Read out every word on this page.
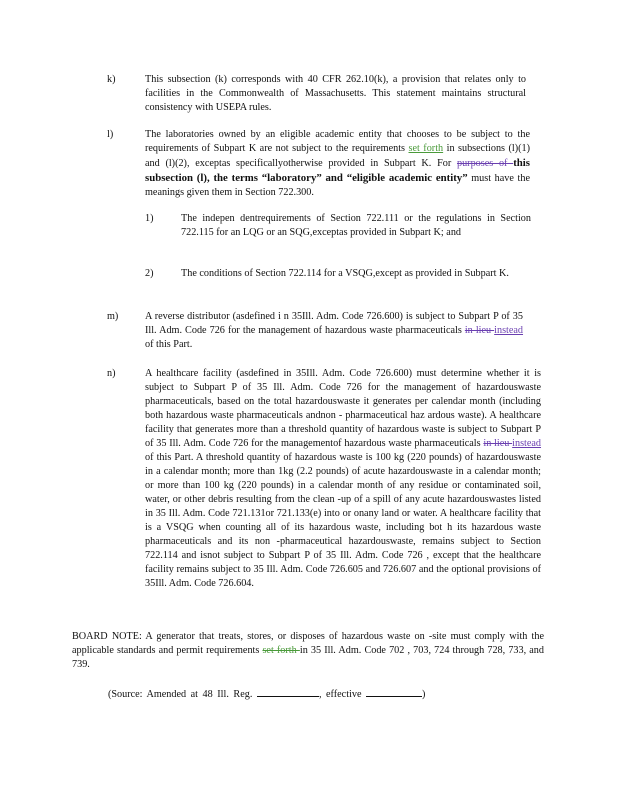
k)	This subsection (k) corresponds with 40 CFR 262.10(k), a provision that relates only to facilities in the Commonwealth of Massachusetts. This statement maintains structural consistency with USEPA rules.
l)	The laboratories owned by an eligible academic entity that chooses to be subject to the requirements of Subpart K are not subject to the requirements set forth in subsections (l)(1) and (l)(2), exceptas specificallyotherwise provided in Subpart K. For purposes of this subsection (l), the terms “laboratory” and “eligible academic entity” must have the meanings given them in Section 722.300.
1)	The indepen dentrequirements of Section 722.111 or the regulations in Section 722.115 for an LQG or an SQG,exceptas provided in Subpart K; and
2)	The conditions of Section 722.114 for a VSQG,except as provided in Subpart K.
m)	A reverse distributor (asdefined i n 35Ill. Adm. Code 726.600) is subject to Subpart P of 35 Ill. Adm. Code 726 for the management of hazardous waste pharmaceuticals in lieu instead of this Part.
n)	A healthcare facility (asdefined in 35Ill. Adm. Code 726.600) must determine whether it is subject to Subpart P of 35 Ill. Adm. Code 726 for the management of hazardouswaste pharmaceuticals, based on the total hazardouswaste it generates per calendar month (including both hazardous waste pharmaceuticals andnon - pharmaceutical haz ardous waste). A healthcare facility that generates more than a threshold quantity of hazardous waste is subject to Subpart P of 35 Ill. Adm. Code 726 for the managementof hazardous waste pharmaceuticals in lieu instead of this Part. A threshold quantity of hazardous waste is 100 kg (220 pounds) of hazardouswaste in a calendar month; more than 1kg (2.2 pounds) of acute hazardouswaste in a calendar month; or more than 100 kg (220 pounds) in a calendar month of any residue or contaminated soil, water, or other debris resulting from the clean -up of a spill of any acute hazardouswastes listed in 35 Ill. Adm. Code 721.131or 721.133(e) into or onany land or water. A healthcare facility that is a VSQG when counting all of its hazardous waste, including bot h its hazardous waste pharmaceuticals and its non -pharmaceutical hazardouswaste, remains subject to Section 722.114 and isnot subject to Subpart P of 35 Ill. Adm. Code 726 , except that the healthcare facility remains subject to 35 Ill. Adm. Code 726.605 and 726.607 and the optional provisions of 35Ill. Adm. Code 726.604.
BOARD NOTE: A generator that treats, stores, or disposes of hazardous waste on -site must comply with the applicable standards and permit requirements set forth in 35 Ill. Adm. Code 702 , 703, 724 through 728, 733, and 739.
(Source: Amended at 48 Ill. Reg.	, effective	)
